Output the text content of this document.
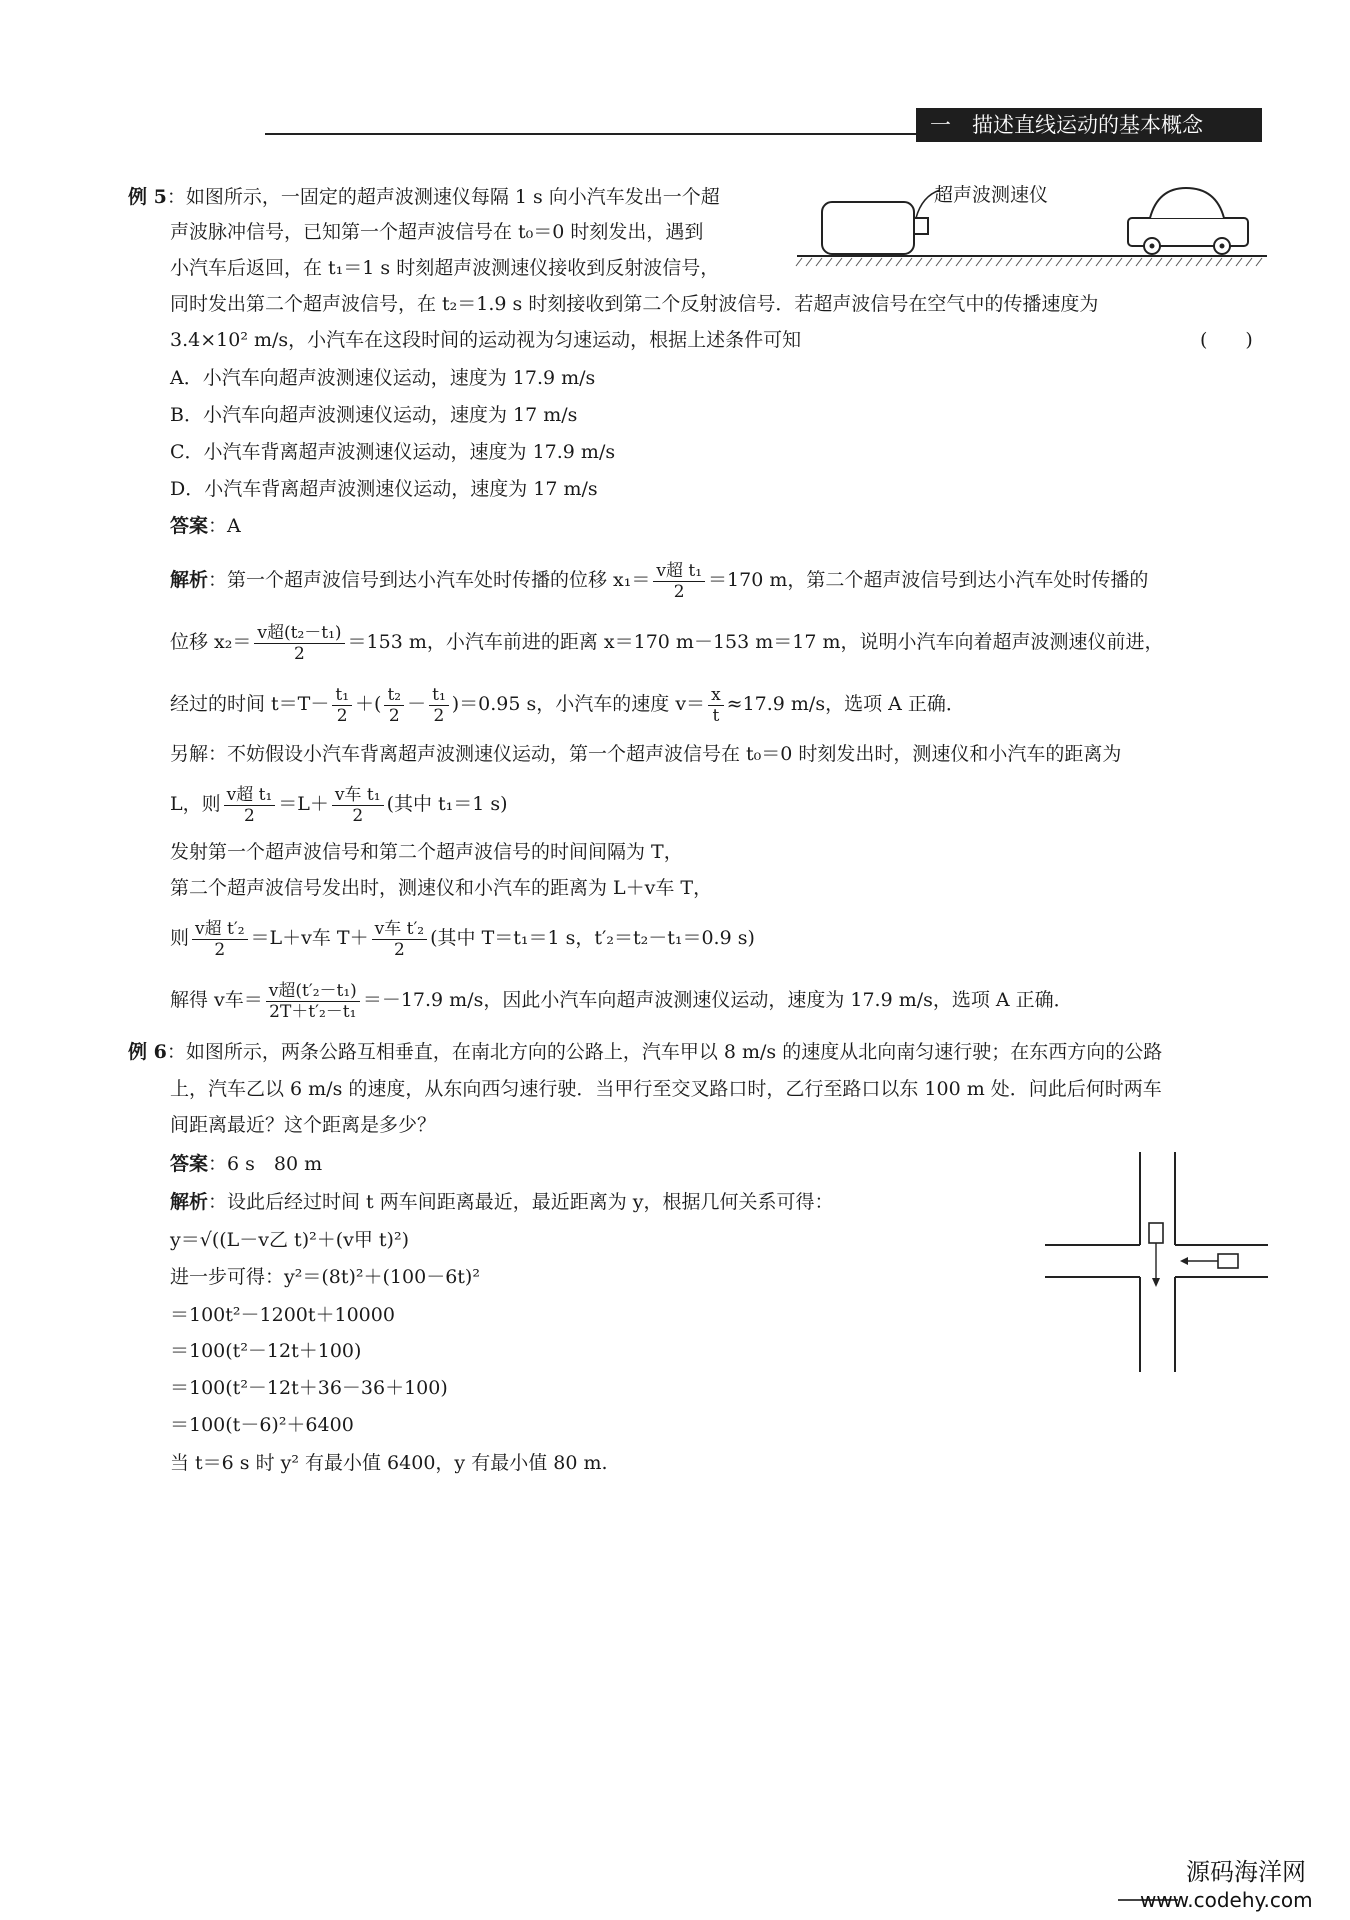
一　描述直线运动的基本概念
例 5：如图所示，一固定的超声波测速仪每隔 1 s 向小汽车发出一个超
声波脉冲信号，已知第一个超声波信号在 t₀＝0 时刻发出，遇到
小汽车后返回，在 t₁＝1 s 时刻超声波测速仪接收到反射波信号，
同时发出第二个超声波信号，在 t₂＝1.9 s 时刻接收到第二个反射波信号．若超声波信号在空气中的传播速度为
3.4×10² m/s，小汽车在这段时间的运动视为匀速运动，根据上述条件可知	(　　)
A．小汽车向超声波测速仪运动，速度为 17.9 m/s
B．小汽车向超声波测速仪运动，速度为 17 m/s
C．小汽车背离超声波测速仪运动，速度为 17.9 m/s
D．小汽车背离超声波测速仪运动，速度为 17 m/s
答案：A
超声波测速仪
解析：第一个超声波信号到达小汽车处时传播的位移 $x_1= \frac{\text{v超 t₁}}{2} =170$ m，第二个超声波信号到达小汽车处时传播的
位移 $x_2= \frac{\text{v超(t₂－t₁)}}{2} =153$ m，小汽车前进的距离 x＝170 m－153 m＝17 m，说明小汽车向着超声波测速仪前进，
经过的时间 $t=T- \frac{\text{t₁}}{2}$ ＋( $\frac{\text{t₂}}{2} - \frac{\text{t₁}}{2} )=0.95$ s，小汽车的速度 $v= \frac{x}{t} \approx 17.9$ m/s，选项 A 正确．
另解：不妨假设小汽车背离超声波测速仪运动，第一个超声波信号在 t₀＝0 时刻发出时，测速仪和小汽车的距离为
L，则 $\frac{\text{v超 t₁}}{2} =L+ \frac{\text{v车 t₁}}{2}$ (其中 t₁＝1 s)
发射第一个超声波信号和第二个超声波信号的时间间隔为 T，
第二个超声波信号发出时，测速仪和小汽车的距离为 L＋v车 T，
则 $\frac{\text{v超 t′₂}}{2} =L+v$车 $T+ \frac{\text{v车 t′₂}}{2}$ (其中 T＝t₁＝1 s，t′₂＝t₂－t₁＝0.9 s)
解得 v车＝ $\frac{\text{v超(t′₂－t₁)}}{\text{2T＋t′₂－t₁}} =-17.9$ m/s，因此小汽车向超声波测速仪运动，速度为 17.9 m/s，选项 A 正确．
例 6：如图所示，两条公路互相垂直，在南北方向的公路上，汽车甲以 8 m/s 的速度从北向南匀速行驶；在东西方向的公路
上，汽车乙以 6 m/s 的速度，从东向西匀速行驶．当甲行至交叉路口时，乙行至路口以东 100 m 处．问此后何时两车
间距离最近？这个距离是多少？
答案：6 s　80 m
解析：设此后经过时间 t 两车间距离最近，最近距离为 y，根据几何关系可得：
y＝√((L－v乙 t)²＋(v甲 t)²)
进一步可得：y²＝(8t)²＋(100－6t)²
＝100t²－1200t＋10000
＝100(t²－12t＋100)
＝100(t²－12t＋36－36＋100)
＝100(t－6)²＋6400
当 t＝6 s 时 y² 有最小值 6400，y 有最小值 80 m.
源码海洋网
www.codehy.com
